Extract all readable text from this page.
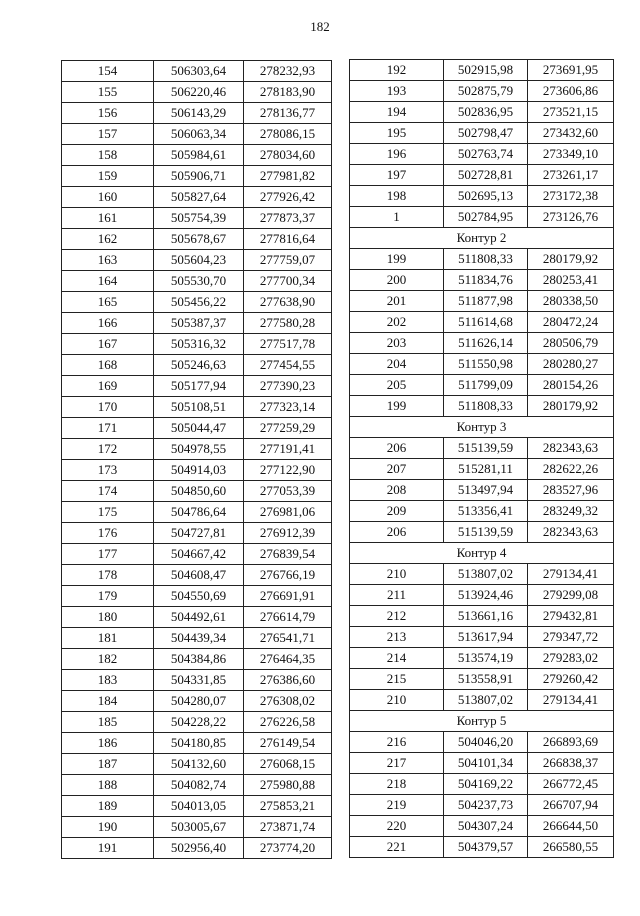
182
154	506303,64	278232,93
155	506220,46	278183,90
156	506143,29	278136,77
157	506063,34	278086,15
158	505984,61	278034,60
159	505906,71	277981,82
160	505827,64	277926,42
161	505754,39	277873,37
162	505678,67	277816,64
163	505604,23	277759,07
164	505530,70	277700,34
165	505456,22	277638,90
166	505387,37	277580,28
167	505316,32	277517,78
168	505246,63	277454,55
169	505177,94	277390,23
170	505108,51	277323,14
171	505044,47	277259,29
172	504978,55	277191,41
173	504914,03	277122,90
174	504850,60	277053,39
175	504786,64	276981,06
176	504727,81	276912,39
177	504667,42	276839,54
178	504608,47	276766,19
179	504550,69	276691,91
180	504492,61	276614,79
181	504439,34	276541,71
182	504384,86	276464,35
183	504331,85	276386,60
184	504280,07	276308,02
185	504228,22	276226,58
186	504180,85	276149,54
187	504132,60	276068,15
188	504082,74	275980,88
189	504013,05	275853,21
190	503005,67	273871,74
191	502956,40	273774,20
192	502915,98	273691,95
193	502875,79	273606,86
194	502836,95	273521,15
195	502798,47	273432,60
196	502763,74	273349,10
197	502728,81	273261,17
198	502695,13	273172,38
1	502784,95	273126,76
Контур 2		
199	511808,33	280179,92
200	511834,76	280253,41
201	511877,98	280338,50
202	511614,68	280472,24
203	511626,14	280506,79
204	511550,98	280280,27
205	511799,09	280154,26
199	511808,33	280179,92
Контур 3		
206	515139,59	282343,63
207	515281,11	282622,26
208	513497,94	283527,96
209	513356,41	283249,32
206	515139,59	282343,63
Контур 4		
210	513807,02	279134,41
211	513924,46	279299,08
212	513661,16	279432,81
213	513617,94	279347,72
214	513574,19	279283,02
215	513558,91	279260,42
210	513807,02	279134,41
Контур 5		
216	504046,20	266893,69
217	504101,34	266838,37
218	504169,22	266772,45
219	504237,73	266707,94
220	504307,24	266644,50
221	504379,57	266580,55
